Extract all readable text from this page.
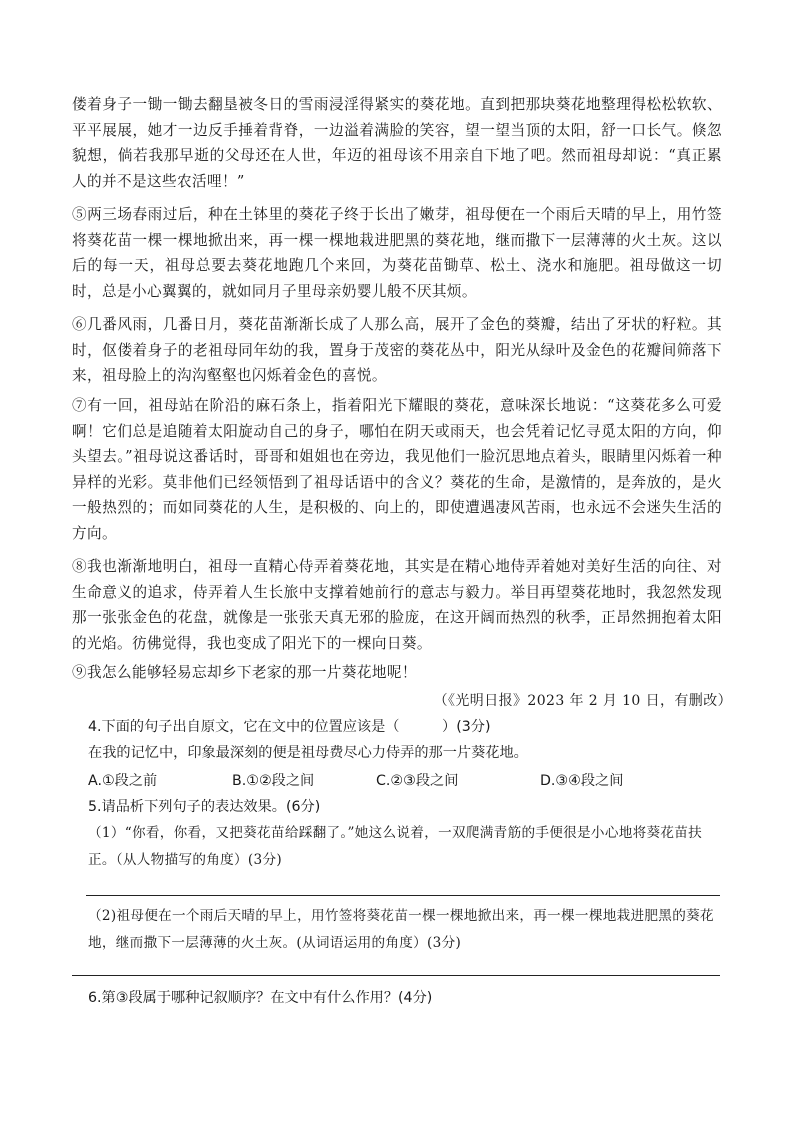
偻着身子一锄一锄去翻垦被冬日的雪雨浸淫得紧实的葵花地。直到把那块葵花地整理得松松软软、平平展展，她才一边反手捶着背脊，一边溢着满脸的笑容，望一望当顶的太阳，舒一口长气。倏忽貌想，倘若我那早逝的父母还在人世，年迈的祖母该不用亲自下地了吧。然而祖母却说：“真正累人的并不是这些农活哩！”

⑤两三场春雨过后，种在土钵里的葵花子终于长出了嫩芽，祖母便在一个雨后天晴的早上，用竹签将葵花苗一棵一棵地掀出来，再一棵一棵地栽进肥黑的葵花地，继而撒下一层薄薄的火土灰。这以后的每一天，祖母总要去葵花地跑几个来回，为葵花苗锄草、松土、浇水和施肥。祖母做这一切时，总是小心翼翼的，就如同月子里母亲奶婴儿般不厌其烦。

⑥几番风雨，几番日月，葵花苗渐渐长成了人那么高，展开了金色的葵瓣，结出了牙状的籽粒。其时，伛偻着身子的老祖母同年幼的我，置身于茂密的葵花丛中，阳光从绿叶及金色的花瓣间筛落下来，祖母脸上的沟沟壑壑也闪烁着金色的喜悦。

⑦有一回，祖母站在阶沿的麻石条上，指着阳光下耀眼的葵花，意味深长地说：“这葵花多么可爱啊！它们总是追随着太阳旋动自己的身子，哪怕在阴天或雨天，也会凭着记忆寻觅太阳的方向，仰头望去。”祖母说这番话时，哥哥和姐姐也在旁边，我见他们一脸沉思地点着头，眼睛里闪烁着一种异样的光彩。莫非他们已经领悟到了祖母话语中的含义？葵花的生命，是激情的，是奔放的，是火一般热烈的；而如同葵花的人生，是积极的、向上的，即使遭遇凄风苦雨，也永远不会迷失生活的方向。

⑧我也渐渐地明白，祖母一直精心侍弄着葵花地，其实是在精心地侍弄着她对美好生活的向往、对生命意义的追求，侍弄着人生长旅中支撑着她前行的意志与毅力。举目再望葵花地时，我忽然发现那一张张金色的花盘，就像是一张张天真无邪的脸庞，在这开阔而热烈的秋季，正昂然拥抱着太阳的光焰。彷佛觉得，我也变成了阳光下的一棵向日葵。

⑨我怎么能够轻易忘却乡下老家的那一片葵花地呢！

（《光明日报》2023 年 2 月 10 日，有删改）

4.下面的句子出自原文，它在文中的位置应该是（　　　）(3分)

在我的记忆中，印象最深刻的便是祖母费尽心力侍弄的那一片葵花地。

A.①段之前	B.①②段之间	C.②③段之间	D.③④段之间

5.请品析下列句子的表达效果。(6分)

（1）“你看，你看，又把葵花苗给踩翻了。”她这么说着，一双爬满青筋的手便很是小心地将葵花苗扶正。（从人物描写的角度）(3分)

（2)祖母便在一个雨后天晴的早上，用竹签将葵花苗一棵一棵地掀出来，再一棵一棵地栽进肥黑的葵花地，继而撒下一层薄薄的火土灰。(从词语运用的角度）(3分)

6.第③段属于哪种记叙顺序？在文中有什么作用？(4分)
